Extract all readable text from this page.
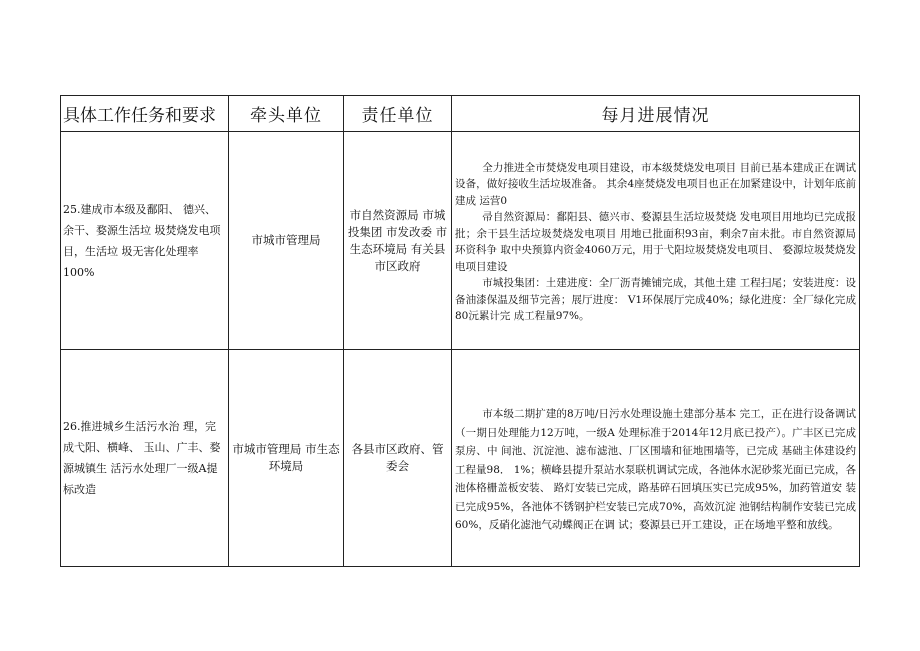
具体工作任务和要求	牵头单位	责任单位	每月进展情况
25.建成市本级及鄱阳、 德兴、余干、婺源生活垃 圾焚烧发电项目，生活垃 圾无害化处理率100%	市城市管理局	市自然资源局 市城投集团 市发改委 市生态环境局 有关县市区政府	全力推进全市焚烧发电项目建设，市本级焚烧发电项目 目前已基本建成正在调试设备，做好接收生活垃圾准备。 其余4座焚烧发电项目也正在加紧建设中，计划年底前建成 运营0

帚自然资源局：鄱阳县、德兴市、婺源县生活垃圾焚烧 发电项目用地均已完成报批；余干县生活垃圾焚烧发电项目 用地已批面积93亩，剩余7亩未批。市自然资源局环资科争 取中央预算内资金4060万元，用于弋阳垃圾焚烧发电项目、 婺源垃圾焚烧发电项目建设

市城投集团：土建进度：全厂沥青摊铺完成，其他土建 工程扫尾；安装进度：设备油漆保温及细节完善；展厅进度： V1环保展厅完成40%；绿化进度：全厂绿化完成80沅累计完 成工程量97%。

26.推进城乡生活污水治 理，完成弋阳、横峰、 玉山、广丰、婺源城镇生 活污水处理厂一级A提 标改造	市城市管理局 市生态环境局	各县市区政府、管委会	市本级二期扩建的8万吨/日污水处理设施土建部分基本 完工，正在进行设备调试（一期日处理能力12万吨，一级A 处理标准于2014年12月底已投产）。广丰区已完成泵房、中 间池、沉淀池、滤布滤池、厂区围墙和征地围墙等，已完成 基础主体建设约工程量98． 1%；横峰县提升泵站水泵联机调试完成，各池体水泥砂浆光面已完成，各池体格栅盖板安装、 路灯安装已完成，路基碎石回填压实已完成95%，加药管道安 装已完成95%，各池体不锈钢护栏安装已完成70%，高效沉淀 池钢结构制作安装已完成60%，反硝化滤池气动蝶阀正在调 试；婺源县已开工建设，正在场地平整和放线。
